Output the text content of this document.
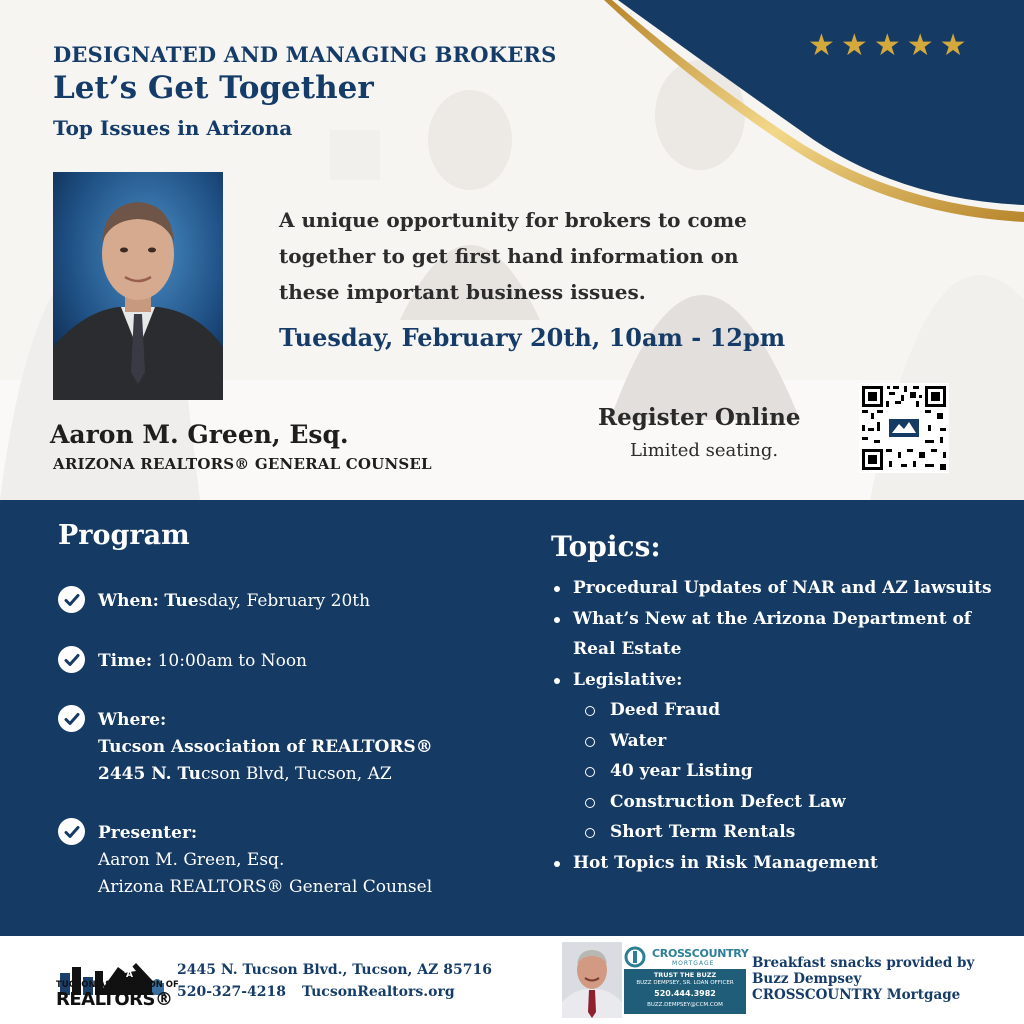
★ ★ ★ ★ ★
DESIGNATED AND MANAGING BROKERS
Let’s Get Together
Top Issues in Arizona
A unique opportunity for brokers to come
together to get first hand information on
these important business issues.
Tuesday, February 20th, 10am - 12pm
Aaron M. Green, Esq.
ARIZONA REALTORS® GENERAL COUNSEL
Register Online
Limited seating.
Program
When: Tuesday, February 20th
Time: 10:00am to Noon
Where:
Tucson Association of REALTORS®
2445 N. Tucson Blvd, Tucson, AZ
Presenter:
Aaron M. Green, Esq.
Arizona REALTORS® General Counsel
Topics:
Procedural Updates of NAR and AZ lawsuits
What’s New at the Arizona Department of Real Estate
Legislative:
Deed Fraud
Water
40 year Listing
Construction Defect Law
Short Term Rentals
Hot Topics in Risk Management
A
TUCSON ASSOCIATION OF
REALTORS®
2445 N. Tucson Blvd., Tucson, AZ 85716
520-327-4218 TucsonRealtors.org
CROSSCOUNTRY
MORTGAGE
TRUST THE BUZZ
BUZZ DEMPSEY, SR. LOAN OFFICER
520.444.3982
BUZZ.DEMPSEY@CCM.COM
Breakfast snacks provided by
Buzz Dempsey
CROSSCOUNTRY Mortgage
